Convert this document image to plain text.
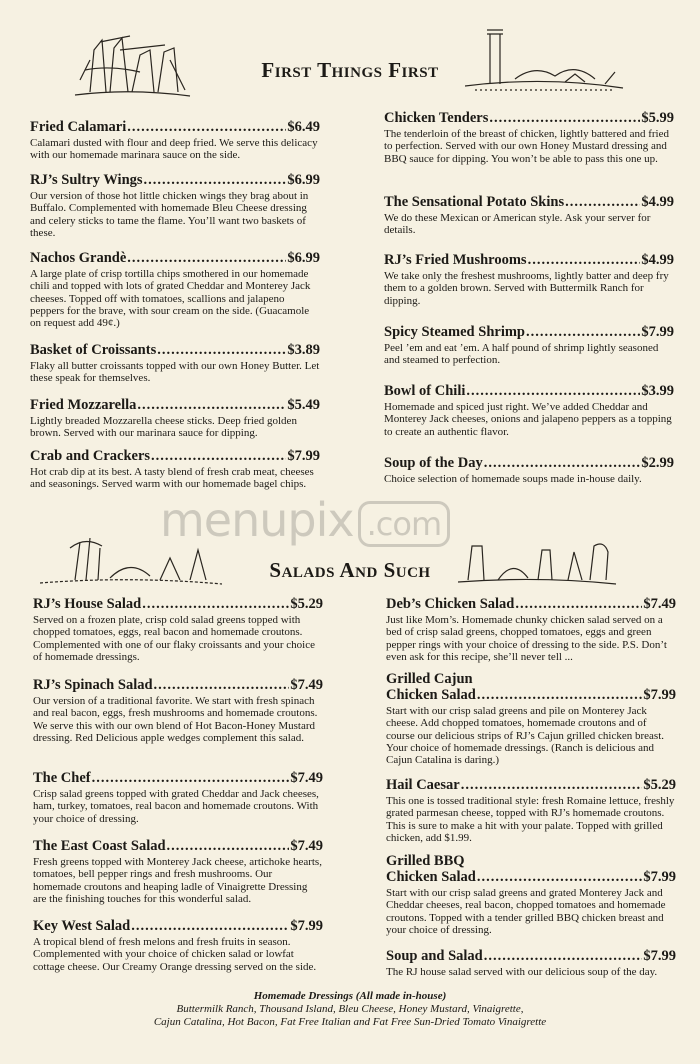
First Things First
Salads And Such
Fried Calamari .....	$6.49
Calamari dusted with flour and deep fried. We serve this delicacy with our homemade marinara sauce on the side.
RJ’s Sultry Wings .....	$6.99
Our version of those hot little chicken wings they brag about in Buffalo. Complemented with homemade Bleu Cheese dressing and celery sticks to tame the flame. You’ll want two baskets of these.
Nachos Grandè .....	$6.99
A large plate of crisp tortilla chips smothered in our homemade chili and topped with lots of grated Cheddar and Monterey Jack cheeses. Topped off with tomatoes, scallions and jalapeno peppers for the brave, with sour cream on the side. (Guacamole on request add 49¢.)
Basket of Croissants .....	$3.89
Flaky all butter croissants topped with our own Honey Butter. Let these speak for themselves.
Fried Mozzarella .....	$5.49
Lightly breaded Mozzarella cheese sticks. Deep fried golden brown. Served with our marinara sauce for dipping.
Crab and Crackers .....	$7.99
Hot crab dip at its best. A tasty blend of fresh crab meat, cheeses and seasonings. Served warm with our homemade bagel chips.
Chicken Tenders .....	$5.99
The tenderloin of the breast of chicken, lightly battered and fried to perfection. Served with our own Honey Mustard dressing and BBQ sauce for dipping. You won’t be able to pass this one up.
The Sensational Potato Skins .....	$4.99
We do these Mexican or American style. Ask your server for details.
RJ’s Fried Mushrooms .....	$4.99
We take only the freshest mushrooms, lightly batter and deep fry them to a golden brown. Served with Buttermilk Ranch for dipping.
Spicy Steamed Shrimp .....	$7.99
Peel ’em and eat ’em. A half pound of shrimp lightly seasoned and steamed to perfection.
Bowl of Chili .....	$3.99
Homemade and spiced just right. We’ve added Cheddar and Monterey Jack cheeses, onions and jalapeno peppers as a topping to create an authentic flavor.
Soup of the Day .....	$2.99
Choice selection of homemade soups made in-house daily.
menupix .com
RJ’s House Salad .....	$5.29
Served on a frozen plate, crisp cold salad greens topped with chopped tomatoes, eggs, real bacon and homemade croutons. Complemented with one of our flaky croissants and your choice of homemade dressings.
RJ’s Spinach Salad .....	$7.49
Our version of a traditional favorite. We start with fresh spinach and real bacon, eggs, fresh mushrooms and homemade croutons. We serve this with our own blend of Hot Bacon-Honey Mustard dressing. Red Delicious apple wedges complement this salad.
The Chef .....	$7.49
Crisp salad greens topped with grated Cheddar and Jack cheeses, ham, turkey, tomatoes, real bacon and homemade croutons. With your choice of dressing.
The East Coast Salad .....	$7.49
Fresh greens topped with Monterey Jack cheese, artichoke hearts, tomatoes, bell pepper rings and fresh mushrooms. Our homemade croutons and heaping ladle of Vinaigrette Dressing are the finishing touches for this wonderful salad.
Key West Salad .....	$7.99
A tropical blend of fresh melons and fresh fruits in season. Complemented with your choice of chicken salad or lowfat cottage cheese. Our Creamy Orange dressing served on the side.
Deb’s Chicken Salad .....	$7.49
Just like Mom’s. Homemade chunky chicken salad served on a bed of crisp salad greens, chopped tomatoes, eggs and green pepper rings with your choice of dressing to the side. P.S. Don’t even ask for this recipe, she’ll never tell ...
Grilled Cajun
Chicken Salad .....	$7.99
Start with our crisp salad greens and pile on Monterey Jack cheese. Add chopped tomatoes, homemade croutons and of course our delicious strips of RJ’s Cajun grilled chicken breast. Your choice of homemade dressings. (Ranch is delicious and Cajun Catalina is daring.)
Hail Caesar .....	$5.29
This one is tossed traditional style: fresh Romaine lettuce, freshly grated parmesan cheese, topped with RJ’s homemade croutons. This is sure to make a hit with your palate. Topped with grilled chicken, add $1.99.
Grilled BBQ
Chicken Salad .....	$7.99
Start with our crisp salad greens and grated Monterey Jack and Cheddar cheeses, real bacon, chopped tomatoes and homemade croutons. Topped with a tender grilled BBQ chicken breast and your choice of dressing.
Soup and Salad .....	$7.99
The RJ house salad served with our delicious soup of the day.
Homemade Dressings (All made in-house)
Buttermilk Ranch, Thousand Island, Bleu Cheese, Honey Mustard, Vinaigrette,
Cajun Catalina, Hot Bacon, Fat Free Italian and Fat Free Sun-Dried Tomato Vinaigrette
